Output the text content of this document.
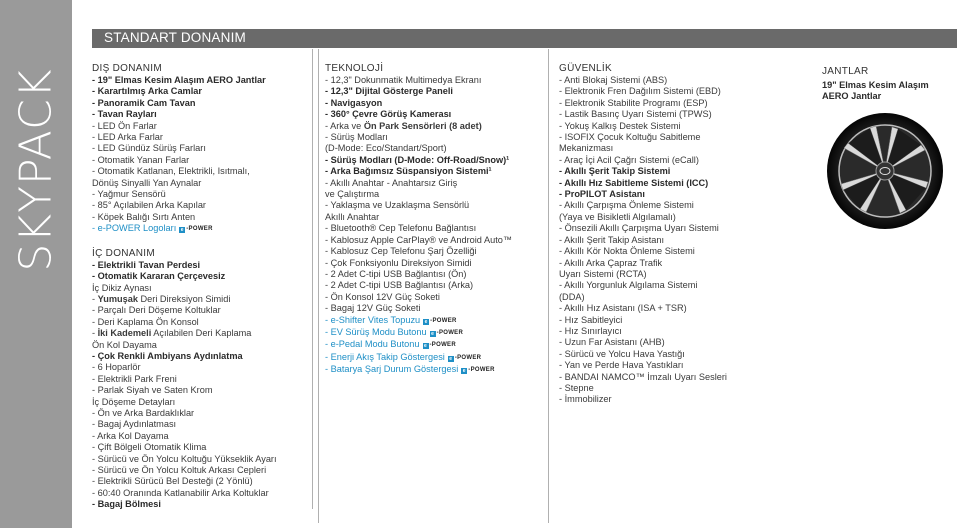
SKYPACK
STANDART DONANIM
DIŞ DONANIM
- 19" Elmas Kesim Alaşım AERO Jantlar
- Karartılmış Arka Camlar
- Panoramik Cam Tavan
- Tavan Rayları
- LED Ön Farlar
- LED Arka Farlar
- LED Gündüz Sürüş Farları
- Otomatik Yanan Farlar
- Otomatik Katlanan, Elektrikli, Isıtmalı,
Dönüş Sinyalli Yan Aynalar
- Yağmur Sensörü
- 85° Açılabilen Arka Kapılar
- Köpek Balığı Sırtı Anten
- e-POWER Logoları e -POWER
İÇ DONANIM
- Elektrikli Tavan Perdesi
- Otomatik Kararan Çerçevesiz
İç Dikiz Aynası
- Yumuşak Deri Direksiyon Simidi
- Parçalı Deri Döşeme Koltuklar
- Deri Kaplama Ön Konsol
- İki Kademeli Açılabilen Deri Kaplama
Ön Kol Dayama
- Çok Renkli Ambiyans Aydınlatma
- 6 Hoparlör
- Elektrikli Park Freni
- Parlak Siyah ve Saten Krom
İç Döşeme Detayları
- Ön ve Arka Bardaklıklar
- Bagaj Aydınlatması
- Arka Kol Dayama
- Çift Bölgeli Otomatik Klima
- Sürücü ve Ön Yolcu Koltuğu Yükseklik Ayarı
- Sürücü ve Ön Yolcu Koltuk Arkası Cepleri
- Elektrikli Sürücü Bel Desteği (2 Yönlü)
- 60:40 Oranında Katlanabilir Arka Koltuklar
- Bagaj Bölmesi
TEKNOLOJİ
- 12,3" Dokunmatik Multimedya Ekranı
- 12,3" Dijital Gösterge Paneli
- Navigasyon
- 360° Çevre Görüş Kamerası
- Arka ve Ön Park Sensörleri (8 adet)
- Sürüş Modları
(D-Mode: Eco/Standart/Sport)
- Sürüş Modları (D-Mode: Off-Road/Snow)¹
- Arka Bağımsız Süspansiyon Sistemi¹
- Akıllı Anahtar - Anahtarsız Giriş
ve Çalıştırma
- Yaklaşma ve Uzaklaşma Sensörlü
Akıllı Anahtar
- Bluetooth® Cep Telefonu Bağlantısı
- Kablosuz Apple CarPlay® ve Android Auto™
- Kablosuz Cep Telefonu Şarj Özelliği
- Çok Fonksiyonlu Direksiyon Simidi
- 2 Adet C-tipi USB Bağlantısı (Ön)
- 2 Adet C-tipi USB Bağlantısı (Arka)
- Ön Konsol 12V Güç Soketi
- Bagaj 12V Güç Soketi
- e-Shifter Vites Topuzu e -POWER
- EV Sürüş Modu Butonu e -POWER
- e-Pedal Modu Butonu e -POWER
- Enerji Akış Takip Göstergesi e -POWER
- Batarya Şarj Durum Göstergesi e -POWER
GÜVENLİK
- Anti Blokaj Sistemi (ABS)
- Elektronik Fren Dağılım Sistemi (EBD)
- Elektronik Stabilite Programı (ESP)
- Lastik Basınç Uyarı Sistemi (TPWS)
- Yokuş Kalkış Destek Sistemi
- ISOFIX Çocuk Koltuğu Sabitleme
Mekanizması
- Araç İçi Acil Çağrı Sistemi (eCall)
- Akıllı Şerit Takip Sistemi
- Akıllı Hız Sabitleme Sistemi (ICC)
- ProPILOT Asistanı
- Akıllı Çarpışma Önleme Sistemi
(Yaya ve Bisikletli Algılamalı)
- Önsezili Akıllı Çarpışma Uyarı Sistemi
- Akıllı Şerit Takip Asistanı
- Akıllı Kör Nokta Önleme Sistemi
- Akıllı Arka Çapraz Trafik
Uyarı Sistemi (RCTA)
- Akıllı Yorgunluk Algılama Sistemi
(DDA)
- Akıllı Hız Asistanı (ISA + TSR)
- Hız Sabitleyici
- Hız Sınırlayıcı
- Uzun Far Asistanı (AHB)
- Sürücü ve Yolcu Hava Yastığı
- Yan ve Perde Hava Yastıkları
- BANDAI NAMCO™ İmzalı Uyarı Sesleri
- Stepne
- İmmobilizer
JANTLAR
19" Elmas Kesim Alaşım
AERO Jantlar
